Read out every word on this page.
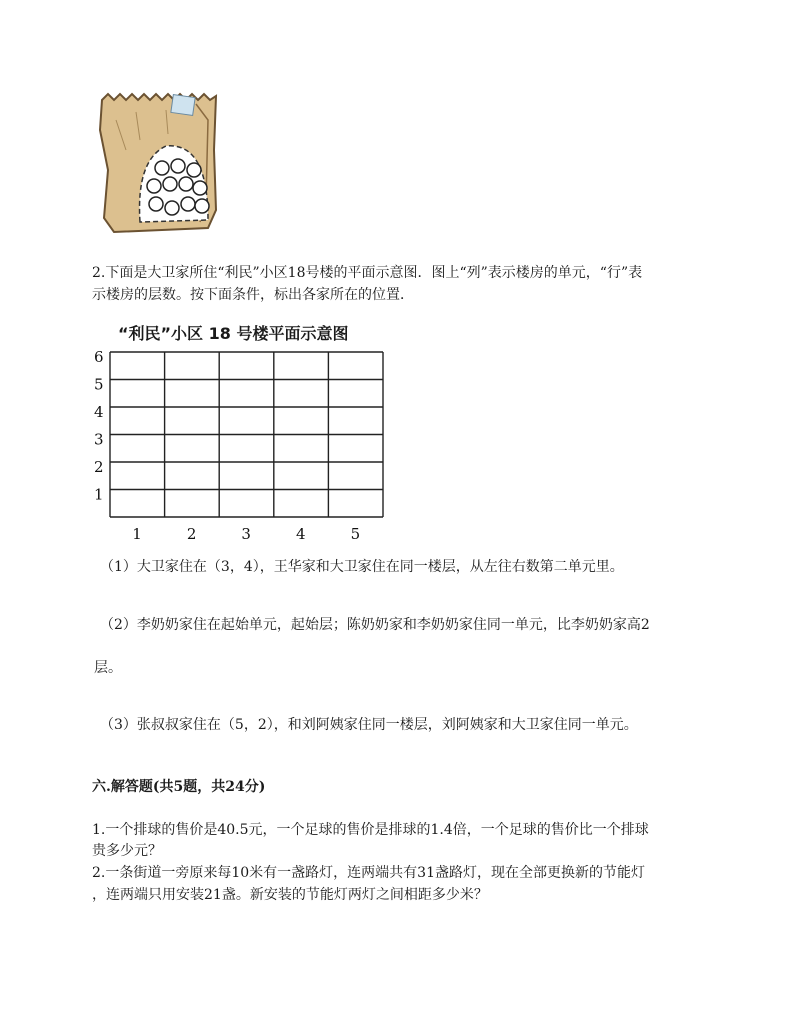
2.下面是大卫家所住“利民”小区18号楼的平面示意图．图上“列”表示楼房的单元，“行”表
示楼房的层数。按下面条件，标出各家所在的位置．
“利民”小区 18 号楼平面示意图
6
5
4
3
2
1
1	2	3	4	5
（1）大卫家住在（3，4），王华家和大卫家住在同一楼层，从左往右数第二单元里。
（2）李奶奶家住在起始单元，起始层；陈奶奶家和李奶奶家住同一单元，比李奶奶家高2
层。
（3）张叔叔家住在（5，2），和刘阿姨家住同一楼层，刘阿姨家和大卫家住同一单元。
六.解答题(共5题，共24分)
1.一个排球的售价是40.5元，一个足球的售价是排球的1.4倍，一个足球的售价比一个排球
贵多少元？
2.一条街道一旁原来每10米有一盏路灯，连两端共有31盏路灯，现在全部更换新的节能灯
，连两端只用安装21盏。新安装的节能灯两灯之间相距多少米？
